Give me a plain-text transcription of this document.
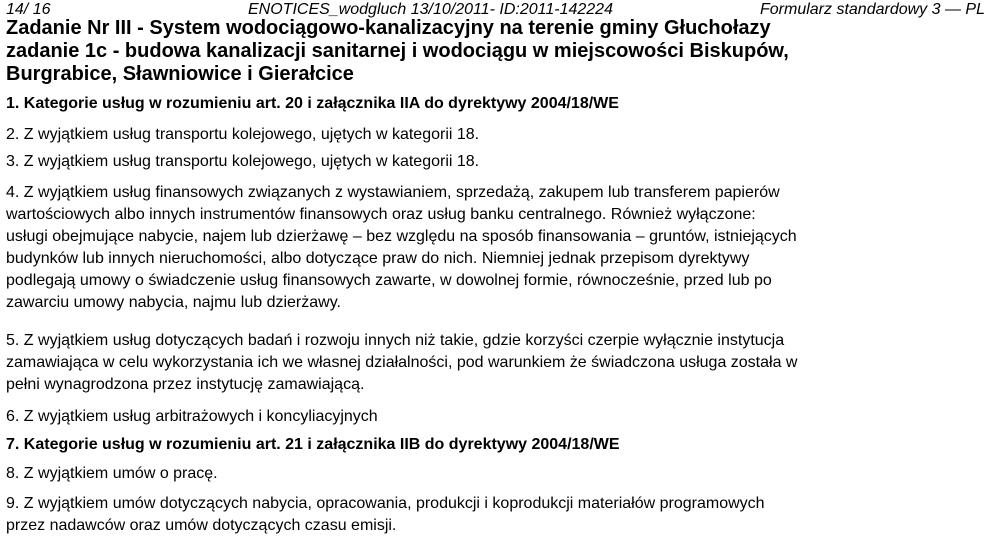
14/ 16	ENOTICES_wodgluch 13/10/2011- ID:2011-142224	Formularz standardowy 3 — PL
Zadanie Nr III - System wodociągowo-kanalizacyjny na terenie gminy Głuchołazy
zadanie 1c - budowa kanalizacji sanitarnej i wodociągu w miejscowości Biskupów,
Burgrabice, Sławniowice i Gierałcice
1. Kategorie usług w rozumieniu art. 20 i załącznika IIA do dyrektywy 2004/18/WE
2. Z wyjątkiem usług transportu kolejowego, ujętych w kategorii 18.
3. Z wyjątkiem usług transportu kolejowego, ujętych w kategorii 18.
4. Z wyjątkiem usług finansowych związanych z wystawianiem, sprzedażą, zakupem lub transferem papierów
wartościowych albo innych instrumentów finansowych oraz usług banku centralnego. Również wyłączone:
usługi obejmujące nabycie, najem lub dzierżawę – bez względu na sposób finansowania – gruntów, istniejących
budynków lub innych nieruchomości, albo dotyczące praw do nich. Niemniej jednak przepisom dyrektywy
podlegają umowy o świadczenie usług finansowych zawarte, w dowolnej formie, równocześnie, przed lub po
zawarciu umowy nabycia, najmu lub dzierżawy.
5. Z wyjątkiem usług dotyczących badań i rozwoju innych niż takie, gdzie korzyści czerpie wyłącznie instytucja
zamawiająca w celu wykorzystania ich we własnej działalności, pod warunkiem że świadczona usługa została w
pełni wynagrodzona przez instytucję zamawiającą.
6. Z wyjątkiem usług arbitrażowych i koncyliacyjnych
7. Kategorie usług w rozumieniu art. 21 i załącznika IIB do dyrektywy 2004/18/WE
8. Z wyjątkiem umów o pracę.
9. Z wyjątkiem umów dotyczących nabycia, opracowania, produkcji i koprodukcji materiałów programowych
przez nadawców oraz umów dotyczących czasu emisji.
